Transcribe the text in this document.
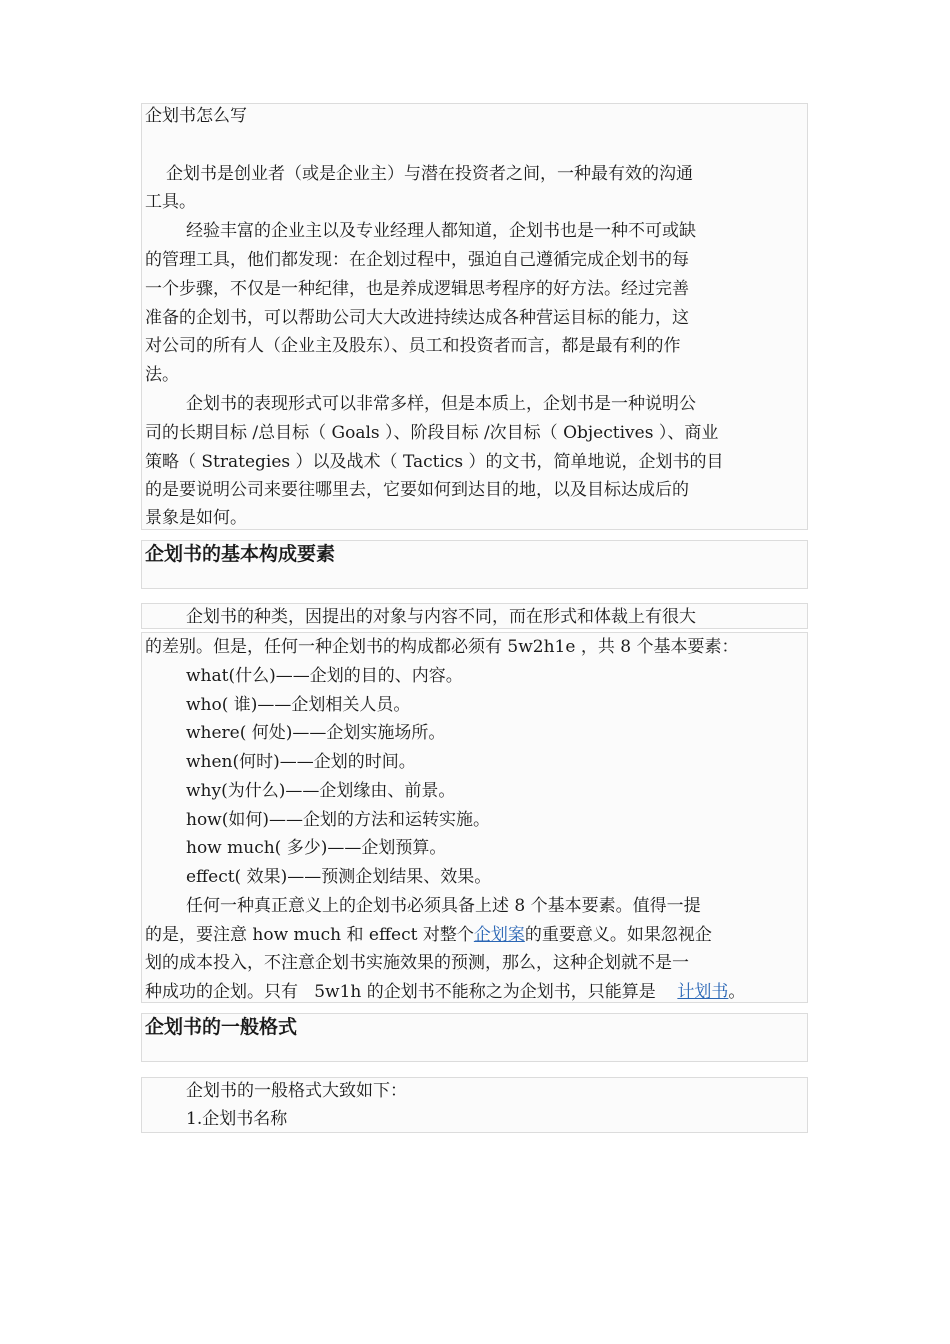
企划书怎么写
企划书是创业者（或是企业主）与潜在投资者之间，一种最有效的沟通
工具。
经验丰富的企业主以及专业经理人都知道，企划书也是一种不可或缺
的管理工具，他们都发现：在企划过程中，强迫自己遵循完成企划书的每
一个步骤，不仅是一种纪律，也是养成逻辑思考程序的好方法。经过完善
准备的企划书，可以帮助公司大大改进持续达成各种营运目标的能力，这
对公司的所有人（企业主及股东）、员工和投资者而言，都是最有利的作
法。
企划书的表现形式可以非常多样，但是本质上，企划书是一种说明公
司的长期目标 /总目标（ Goals ）、阶段目标 /次目标（ Objectives ）、商业
策略（ Strategies ）以及战术（ Tactics ）的文书，简单地说，企划书的目
的是要说明公司来要往哪里去，它要如何到达目的地，以及目标达成后的
景象是如何。
企划书的基本构成要素
企划书的种类，因提出的对象与内容不同，而在形式和体裁上有很大
的差别。但是，任何一种企划书的构成都必须有 5w2h1e ，共 8 个基本要素：
what(什么)——企划的目的、内容。
who( 谁)——企划相关人员。
where( 何处)——企划实施场所。
when(何时)——企划的时间。
why(为什么)——企划缘由、前景。
how(如何)——企划的方法和运转实施。
how much( 多少)——企划预算。
effect( 效果)——预测企划结果、效果。
任何一种真正意义上的企划书必须具备上述 8 个基本要素。值得一提
的是，要注意 how much 和 effect 对整个企划案的重要意义。如果忽视企
划的成本投入，不注意企划书实施效果的预测，那么，这种企划就不是一
种成功的企划。只有   5w1h 的企划书不能称之为企划书，只能算是    计划书。
企划书的一般格式
企划书的一般格式大致如下：
1.企划书名称
